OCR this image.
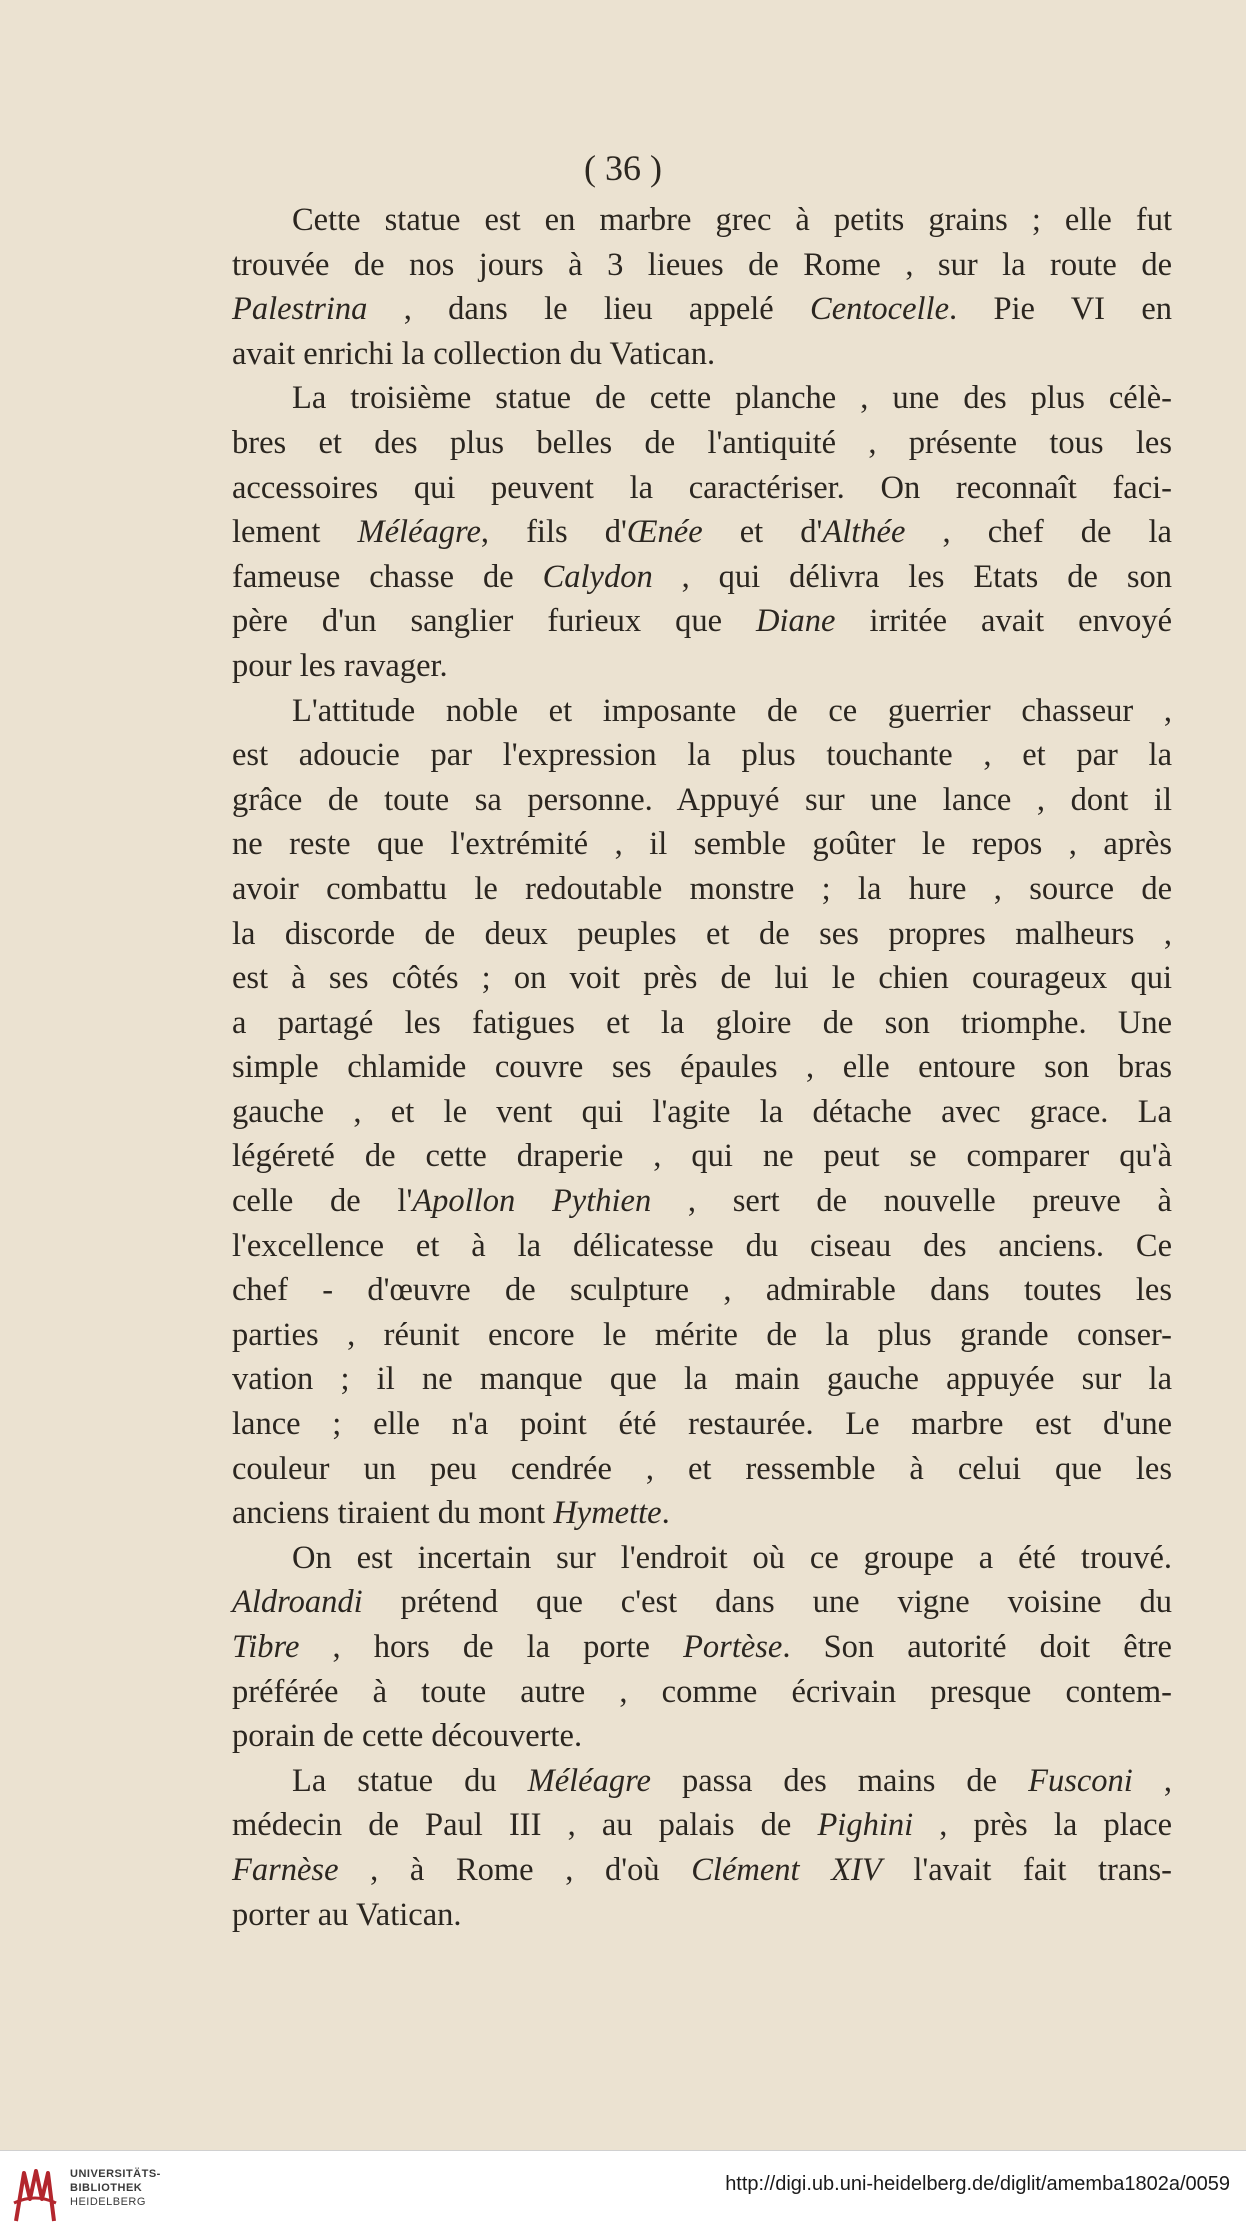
( 36 )

Cette statue est en marbre grec à petits grains ; elle fut
trouvée de nos jours à 3 lieues de Rome , sur la route de
Palestrina , dans le lieu appelé Centocelle. Pie VI en
avait enrichi la collection du Vatican.
La troisième statue de cette planche , une des plus célè-
bres et des plus belles de l'antiquité , présente tous les
accessoires qui peuvent la caractériser. On reconnaît faci-
lement Méléagre, fils d'Œnée et d'Althée , chef de la
fameuse chasse de Calydon , qui délivra les Etats de son
père d'un sanglier furieux que Diane irritée avait envoyé
pour les ravager.
L'attitude noble et imposante de ce guerrier chasseur ,
est adoucie par l'expression la plus touchante , et par la
grâce de toute sa personne. Appuyé sur une lance , dont il
ne reste que l'extrémité , il semble goûter le repos , après
avoir combattu le redoutable monstre ; la hure , source de
la discorde de deux peuples et de ses propres malheurs ,
est à ses côtés ; on voit près de lui le chien courageux qui
a partagé les fatigues et la gloire de son triomphe. Une
simple chlamide couvre ses épaules , elle entoure son bras
gauche , et le vent qui l'agite la détache avec grace. La
légéreté de cette draperie , qui ne peut se comparer qu'à
celle de l'Apollon Pythien , sert de nouvelle preuve à
l'excellence et à la délicatesse du ciseau des anciens. Ce
chef - d'œuvre de sculpture , admirable dans toutes les
parties , réunit encore le mérite de la plus grande conser-
vation ; il ne manque que la main gauche appuyée sur la
lance ; elle n'a point été restaurée. Le marbre est d'une
couleur un peu cendrée , et ressemble à celui que les
anciens tiraient du mont Hymette.
On est incertain sur l'endroit où ce groupe a été trouvé.
Aldroandi prétend que c'est dans une vigne voisine du
Tibre , hors de la porte Portèse. Son autorité doit être
préférée à toute autre , comme écrivain presque contem-
porain de cette découverte.
La statue du Méléagre passa des mains de Fusconi ,
médecin de Paul III , au palais de Pighini , près la place
Farnèse , à Rome , d'où Clément XIV l'avait fait trans-
porter au Vatican.
UNIVERSITÄTS-
BIBLIOTHEK
HEIDELBERG
http://digi.ub.uni-heidelberg.de/diglit/amemba1802a/0059
